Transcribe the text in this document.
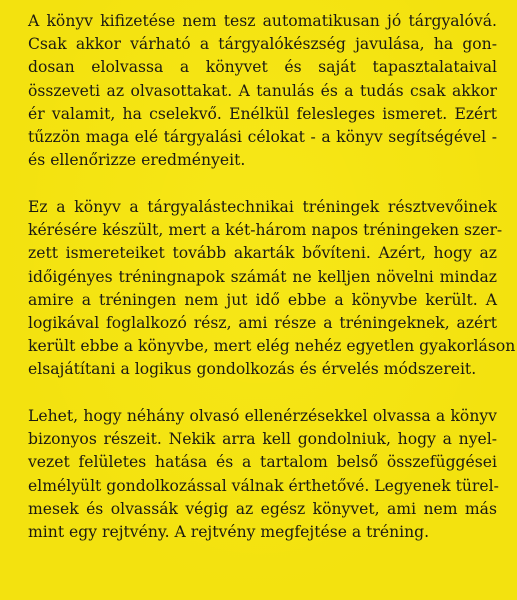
A könyv kifizetése nem tesz automatikusan jó tárgyalóvá.
Csak akkor várható a tárgyalókészség javulása, ha gon-
dosan elolvassa a könyvet és saját tapasztalataival
összeveti az olvasottakat. A tanulás és a tudás csak akkor
ér valamit, ha cselekvő. Enélkül felesleges ismeret. Ezért
tűzzön maga elé tárgyalási célokat - a könyv segítségével -
és ellenőrizze eredményeit.

Ez a könyv a tárgyalástechnikai tréningek résztvevőinek
kérésére készült, mert a két-három napos tréningeken szer-
zett ismereteiket tovább akarták bővíteni. Azért, hogy az
időigényes tréningnapok számát ne kelljen növelni mindaz
amire a tréningen nem jut idő ebbe a könyvbe került. A
logikával foglalkozó rész, ami része a tréningeknek, azért
került ebbe a könyvbe, mert elég nehéz egyetlen gyakorláson
elsajátítani a logikus gondolkozás és érvelés módszereit.

Lehet, hogy néhány olvasó ellenérzésekkel olvassa a könyv
bizonyos részeit. Nekik arra kell gondolniuk, hogy a nyel-
vezet felületes hatása és a tartalom belső összefüggései
elmélyült gondolkozással válnak érthetővé. Legyenek türel-
mesek és olvassák végig az egész könyvet, ami nem más
mint egy rejtvény. A rejtvény megfejtése a tréning.
